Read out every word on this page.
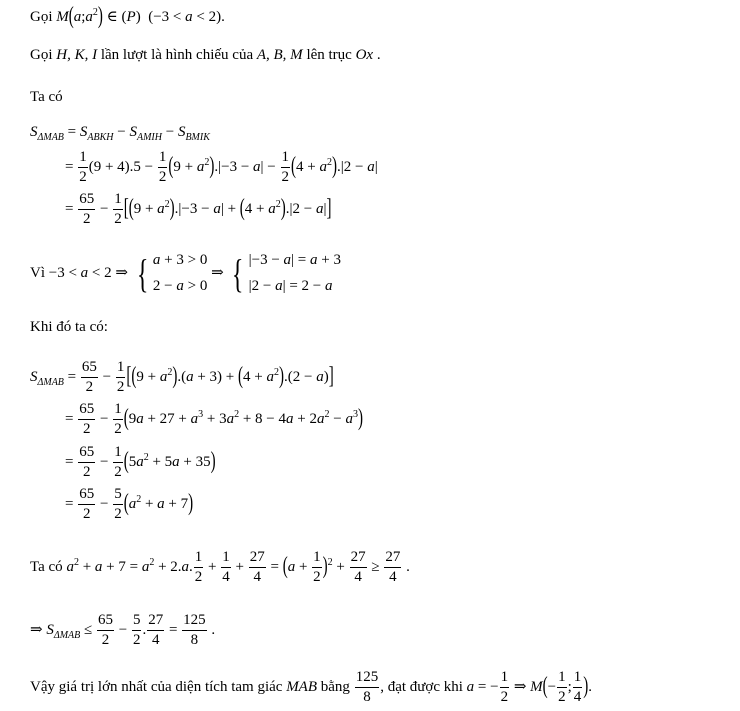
Gọi $M(a;a^2)$ ∈ (P)  (−3 < a < 2).
Gọi H, K, I lần lượt là hình chiếu của A, B, M lên trục Ox .
Ta có
$S_{\Delta MAB} = S_{ABKH} - S_{AMIH} - S_{BMIK}$
= $\frac{1}{2} (9 + 4).5 - \frac{1}{2} (9 + a^2).|-3 - a| - \frac{1}{2} (4 + a^2).|2 - a|$
= $\frac{65}{2} - \frac{1}{2} [(9 + a^2).|-3 - a| + (4 + a^2).|2 - a|]$
Vì −3 < a < 2 ⇒ { a + 3 > 0
2 − a > 0
⇒ { |−3 − a| = a + 3
|2 − a| = 2 − a
Khi đó ta có:
$S_{\Delta MAB} = \frac{65}{2} - \frac{1}{2} [(9 + a^2).(a + 3) + (4 + a^2).(2 - a)]$
= $\frac{65}{2} - \frac{1}{2} (9a + 27 + a^3 + 3a^2 + 8 - 4a + 2a^2 - a^3)$
= $\frac{65}{2} - \frac{1}{2} (5a^2 + 5a + 35)$
= $\frac{65}{2} - \frac{5}{2} (a^2 + a + 7)$
Ta có $a^2 + a + 7 = a^2 + 2.a$. $\frac{1}{2} + \frac{1}{4} + \frac{27}{4} = (a + \frac{1}{2} )^2 + \frac{27}{4} \ge \frac{27}{4}$ .
⇒ $S_{\Delta MAB} \le \frac{65}{2} - \frac{5}{2}$ . $\frac{27}{4} = \frac{125}{8}$ .
Vậy giá trị lớn nhất của diện tích tam giác MAB bằng $\frac{125}{8}$ , đạt được khi a = − $\frac{1}{2}$ ⇒ $M(- \frac{1}{2}$ ; $\frac{1}{4}$ ).
